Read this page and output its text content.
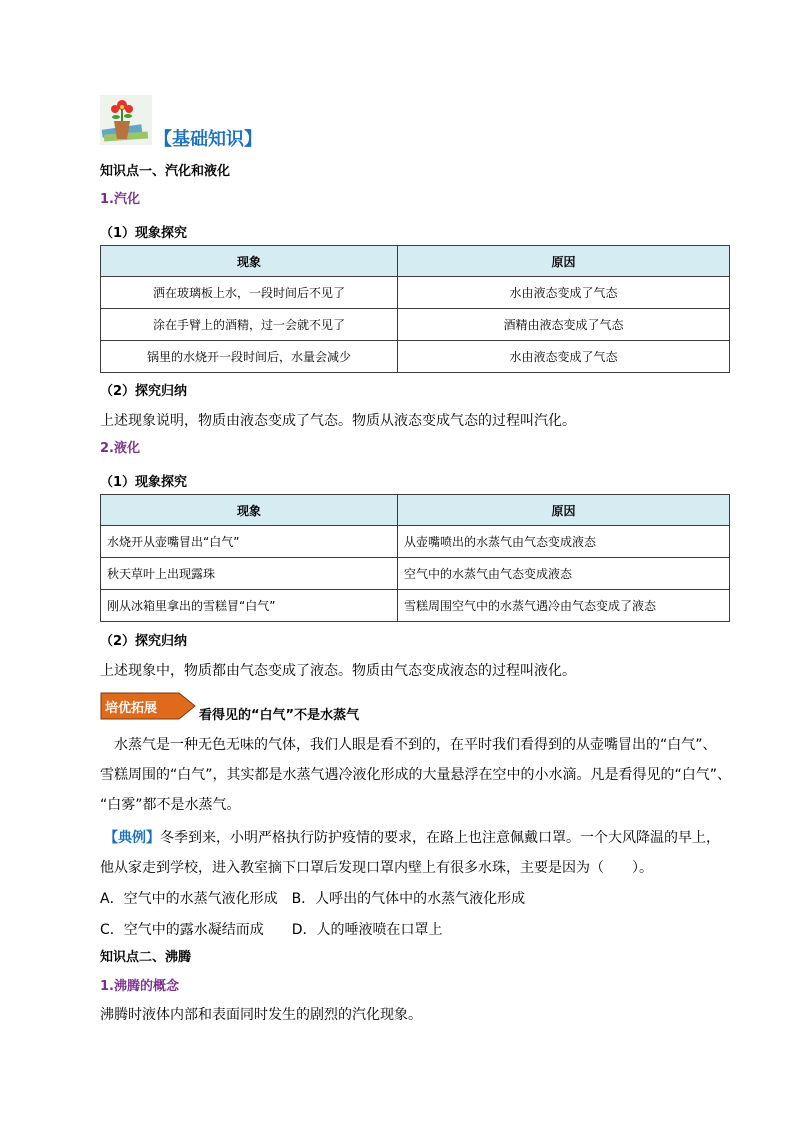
【基础知识】
知识点一、汽化和液化
1.汽化
（1）现象探究
现象	原因
洒在玻璃板上水，一段时间后不见了	水由液态变成了气态
涂在手臂上的酒精，过一会就不见了	酒精由液态变成了气态
锅里的水烧开一段时间后，水量会减少	水由液态变成了气态
（2）探究归纳
上述现象说明，物质由液态变成了气态。物质从液态变成气态的过程叫汽化。
2.液化
（1）现象探究
现象	原因
水烧开从壶嘴冒出“白气”	从壶嘴喷出的水蒸气由气态变成液态
秋天草叶上出现露珠	空气中的水蒸气由气态变成液态
刚从冰箱里拿出的雪糕冒“白气”	雪糕周围空气中的水蒸气遇冷由气态变成了液态
（2）探究归纳
上述现象中，物质都由气态变成了液态。物质由气态变成液态的过程叫液化。
培优拓展	看得见的“白气”不是水蒸气
水蒸气是一种无色无味的气体，我们人眼是看不到的，在平时我们看得到的从壶嘴冒出的“白气”、
雪糕周围的“白气”，其实都是水蒸气遇冷液化形成的大量悬浮在空中的小水滴。凡是看得见的“白气”、
“白雾”都不是水蒸气。
【典例】冬季到来，小明严格执行防护疫情的要求，在路上也注意佩戴口罩。一个大风降温的早上，
他从家走到学校，进入教室摘下口罩后发现口罩内壁上有很多水珠，主要是因为（　　）。
A．空气中的水蒸气液化形成　B．人呼出的气体中的水蒸气液化形成
C．空气中的露水凝结而成　　D．人的唾液喷在口罩上
知识点二、沸腾
1.沸腾的概念
沸腾时液体内部和表面同时发生的剧烈的汽化现象。
